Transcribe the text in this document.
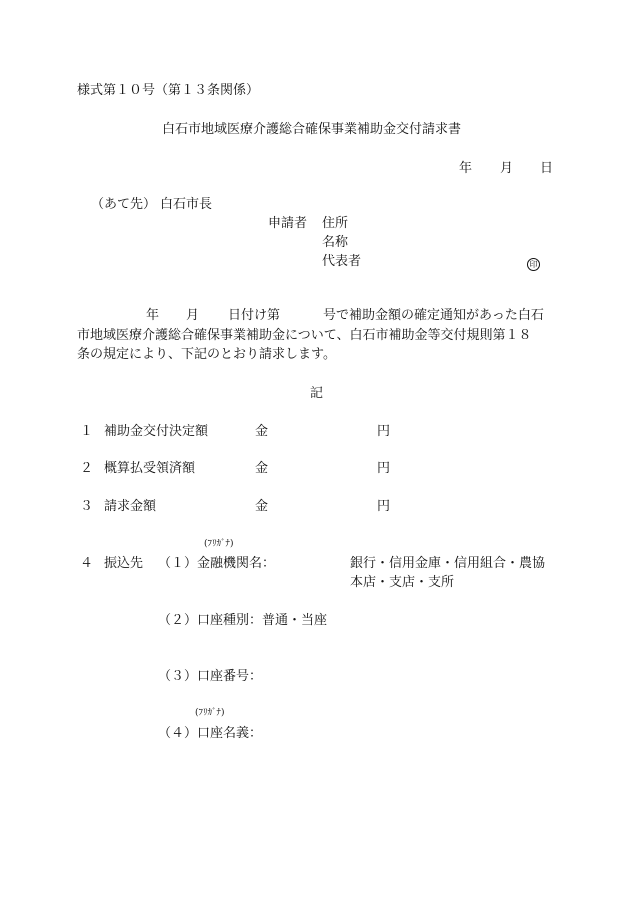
様式第１０号（第１３条関係）
白石市地域医療介護総合確保事業補助金交付請求書
年 月 日
（あて先） 白石市長
申請者 住所
名称
代表者	印
年 月 日付け第	号で補助金額の確定通知があった白石
市地域医療介護総合確保事業補助金について、白石市補助金等交付規則第１８
条の規定により、下記のとおり請求します。
記
１ 補助金交付決定額	金	円
２ 概算払受領済額	金	円
３ 請求金額	金	円
(ﾌﾘｶﾞﾅ)
４ 振込先 （１）金融機関名：	銀行・信用金庫・信用組合・農協
本店・支店・支所
（２）口座種別：普通・当座
（３）口座番号：
(ﾌﾘｶﾞﾅ)
（４）口座名義：
